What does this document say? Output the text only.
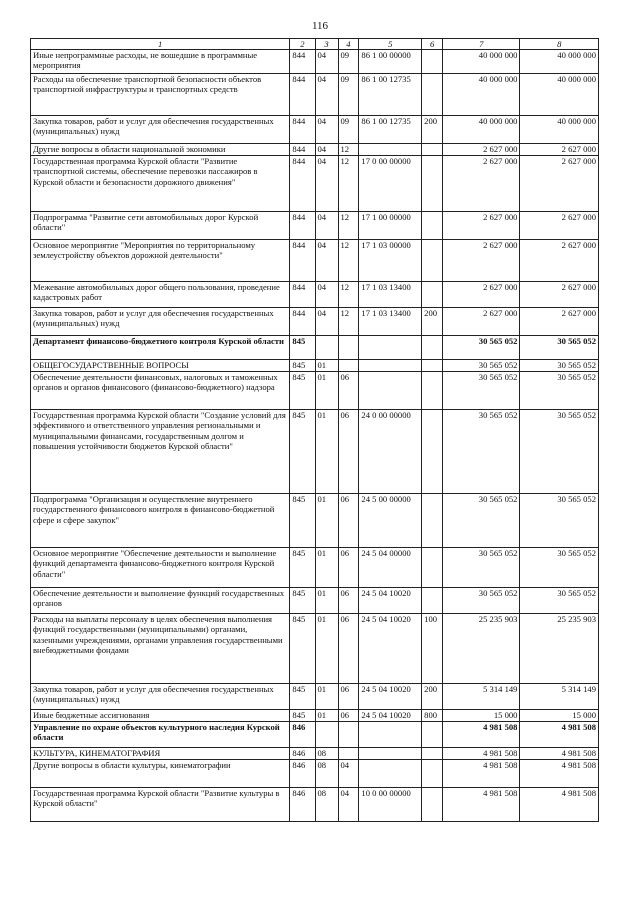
116
1	2	3	4	5	6	7	8
Иные непрограммные расходы, не вошедшие в программные мероприятия	844	04	09	86 1 00 00000		40 000 000	40 000 000
Расходы на обеспечение транспортной безопасности объектов транспортной инфраструктуры и транспортных средств	844	04	09	86 1 00 12735		40 000 000	40 000 000
Закупка товаров, работ и услуг для обеспечения государственных (муниципальных) нужд	844	04	09	86 1 00 12735	200	40 000 000	40 000 000
Другие вопросы в области национальной экономики	844	04	12			2 627 000	2 627 000
Государственная программа Курской области "Развитие транспортной системы, обеспечение перевозки пассажиров в Курской области и безопасности дорожного движения"	844	04	12	17 0 00 00000		2 627 000	2 627 000
Подпрограмма "Развитие сети автомобильных дорог Курской области"	844	04	12	17 1 00 00000		2 627 000	2 627 000
Основное мероприятие "Мероприятия по территориальному землеустройству объектов дорожной деятельности"	844	04	12	17 1 03 00000		2 627 000	2 627 000
Межевание автомобильных дорог общего пользования, проведение кадастровых работ	844	04	12	17 1 03 13400		2 627 000	2 627 000
Закупка товаров, работ и услуг для обеспечения государственных (муниципальных) нужд	844	04	12	17 1 03 13400	200	2 627 000	2 627 000
Департамент финансово-бюджетного контроля Курской области	845					30 565 052	30 565 052
ОБЩЕГОСУДАРСТВЕННЫЕ ВОПРОСЫ	845	01				30 565 052	30 565 052
Обеспечение деятельности финансовых, налоговых и таможенных органов и органов финансового (финансово-бюджетного) надзора	845	01	06			30 565 052	30 565 052
Государственная программа Курской области "Создание условий для эффективного и ответственного управления региональными и муниципальными финансами, государственным долгом и повышения устойчивости бюджетов Курской области"	845	01	06	24 0 00 00000		30 565 052	30 565 052
Подпрограмма "Организация и осуществление внутреннего государственного финансового контроля в финансово-бюджетной сфере и сфере закупок"	845	01	06	24 5 00 00000		30 565 052	30 565 052
Основное мероприятие "Обеспечение деятельности и выполнение функций департамента финансово-бюджетного контроля Курской области"	845	01	06	24 5 04 00000		30 565 052	30 565 052
Обеспечение деятельности и выполнение функций государственных органов	845	01	06	24 5 04 10020		30 565 052	30 565 052
Расходы на выплаты персоналу в целях обеспечения выполнения функций государственными (муниципальными) органами, казенными учреждениями, органами управления государственными внебюджетными фондами	845	01	06	24 5 04 10020	100	25 235 903	25 235 903
Закупка товаров, работ и услуг для обеспечения государственных (муниципальных) нужд	845	01	06	24 5 04 10020	200	5 314 149	5 314 149
Иные бюджетные ассигнования	845	01	06	24 5 04 10020	800	15 000	15 000
Управление по охране объектов культурного наследия Курской области	846					4 981 508	4 981 508
КУЛЬТУРА, КИНЕМАТОГРАФИЯ	846	08				4 981 508	4 981 508
Другие вопросы в области культуры, кинематографии	846	08	04			4 981 508	4 981 508
Государственная программа Курской области "Развитие культуры в Курской области"	846	08	04	10 0 00 00000		4 981 508	4 981 508
